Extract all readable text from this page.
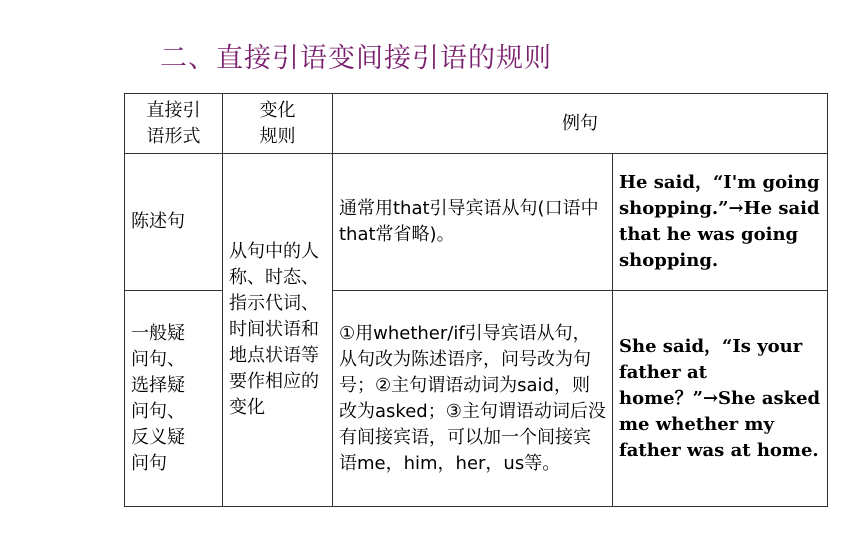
二、直接引语变间接引语的规则
直接引语形式	变化规则	例句	
陈述句	从句中的人称、时态、指示代词、时间状语和地点状语等要作相应的变化	通常用that引导宾语从句(口语中that常省略)。	He said，“I'm going shopping.”→He said that he was going shopping.

一般疑问句、选择疑问句、反义疑问句		①用whether/if引导宾语从句，从句改为陈述语序，问号改为句号；②主句谓语动词为said，则改为asked；③主句谓语动词后没有间接宾语，可以加一个间接宾语me，him，her，us等。	She said，“Is your father at home？”→She asked me whether my father was at home.
